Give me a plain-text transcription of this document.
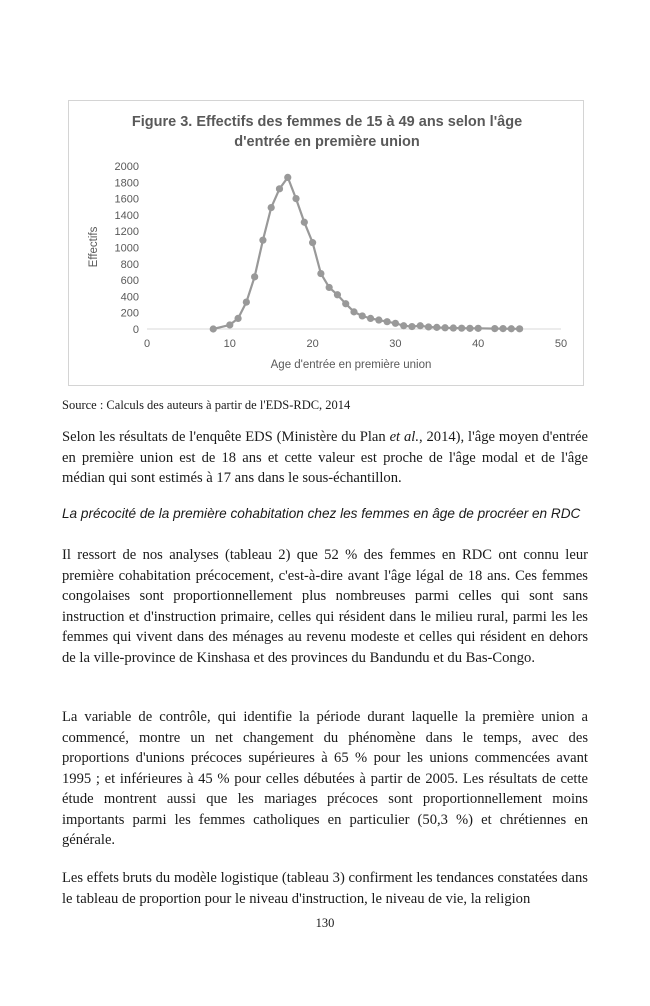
Figure 3. Effectifs des femmes de 15 à 49 ans selon l'âge
d'entrée en première union
0
200
400
600
800
1000
1200
1400
1600
1800
2000
0	10	20	30	40	50
Age d'entrée en première union
Effectifs
Source : Calculs des auteurs à partir de l'EDS-RDC, 2014

Selon les résultats de l'enquête EDS (Ministère du Plan et al., 2014), l'âge moyen d'entrée en première union est de 18 ans et cette valeur est proche de l'âge modal et de l'âge médian qui sont estimés à 17 ans dans le sous-échantillon.

La précocité de la première cohabitation chez les femmes en âge de procréer en RDC

Il ressort de nos analyses (tableau 2) que 52 % des femmes en RDC ont connu leur première cohabitation précocement, c'est-à-dire avant l'âge légal de 18 ans. Ces femmes congolaises sont proportionnellement plus nombreuses parmi celles qui sont sans instruction et d'instruction primaire, celles qui résident dans le milieu rural, parmi les les femmes qui vivent dans des ménages au revenu modeste et celles qui résident en dehors de la ville-province de Kinshasa et des provinces du Bandundu et du Bas-Congo.

La variable de contrôle, qui identifie la période durant laquelle la première union a commencé, montre un net changement du phénomène dans le temps, avec des proportions d'unions précoces supérieures à 65 % pour les unions commencées avant 1995 ; et inférieures à 45 % pour celles débutées à partir de 2005. Les résultats de cette étude montrent aussi que les mariages précoces sont proportionnellement moins importants parmi les femmes catholiques en particulier (50,3 %) et chrétiennes en générale.

Les effets bruts du modèle logistique (tableau 3) confirment les tendances constatées dans le tableau de proportion pour le niveau d'instruction, le niveau de vie, la religion

130
